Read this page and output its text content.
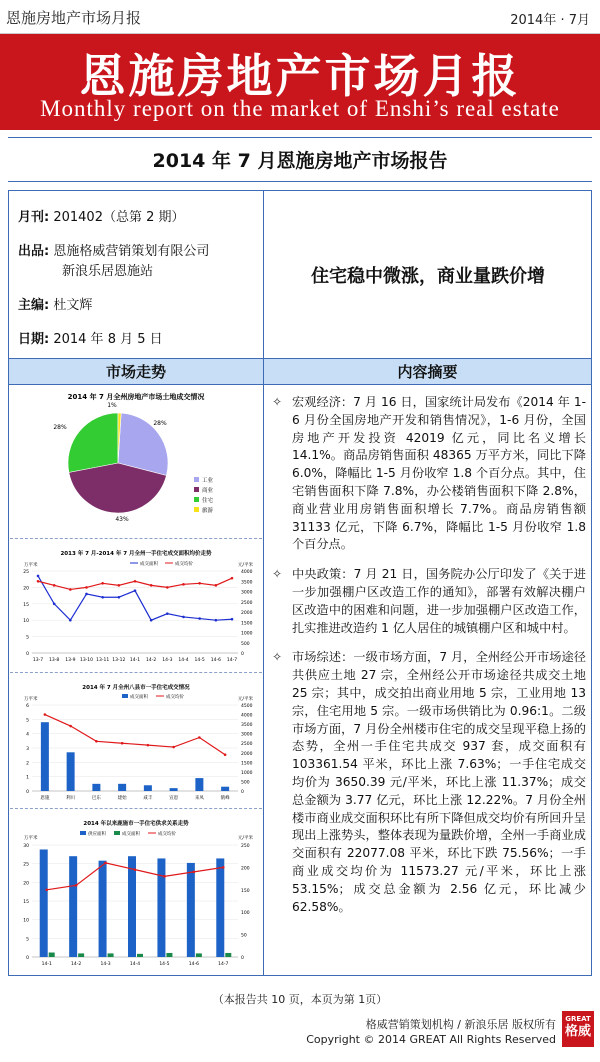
恩施房地产市场月报	2014年 · 7月
恩施房地产市场月报
Monthly report on the market of Enshi’s real estate
2014 年 7 月恩施房地产市场报告
月刊: 201402（总第 2 期）
出品: 恩施格威营销策划有限公司
新浪乐居恩施站
主编: 杜文辉
日期: 2014 年 8 月 5 日
住宅稳中微涨，商业量跌价增
市场走势	内容摘要
2014 年 7 月全州房地产市场土地成交情况
28%
43%
28%
1%
工业
商业
住宅
旅游
2013 年 7 月-2014 年 7 月全州一手住宅成交面积均价走势
万平米	元/平米
成交面积	成交均价
0
5
10
15
20
25
0
500
1000
1500
2000
2500
3000
3500
4000
13-7 13-8 13-9 13-10 13-11 13-12 14-1 14-2 14-3 14-4 14-5 14-6 14-7
2014 年 7 月全州八县市一手住宅成交情况
万平米	元/平米
成交面积	成交均价
0
1
2
3
4
5
6
0
500
1000
1500
2000
2500
3000
3500
4000
4500
恩施	利川	巴东	建始	咸丰	宣恩	来凤	鹤峰
2014 年以来鹿施市一手住宅供求关系走势
万平米	元/平米
供应面积	成交面积	成交均价
0
5
10
15
20
25
30
0
50
100
150
200
250
14-1	14-2	14-3	14-4	14-5	14-6	14-7
✧ 宏观经济：7 月 16 日，国家统计局发布《2014 年 1-6 月份全国房地产开发和销售情况》，1-6 月份，全国房地产开发投资 42019 亿元，同比名义增长 14.1%。商品房销售面积 48365 万平方米，同比下降 6.0%，降幅比 1-5 月份收窄 1.8 个百分点。其中，住宅销售面积下降 7.8%，办公楼销售面积下降 2.8%，商业营业用房销售面积增长 7.7%。商品房销售额 31133 亿元，下降 6.7%，降幅比 1-5 月份收窄 1.8 个百分点。
✧ 中央政策：7 月 21 日，国务院办公厅印发了《关于进一步加强棚户区改造工作的通知》，部署有效解决棚户区改造中的困难和问题，进一步加强棚户区改造工作，扎实推进改造约 1 亿人居住的城镇棚户区和城中村。
✧ 市场综述：一级市场方面，7 月，全州经公开市场途径共供应土地 27 宗，全州经公开市场途径共成交土地 25 宗；其中，成交拍出商业用地 5 宗，工业用地 13 宗，住宅用地 5 宗。一级市场供销比为 0.96:1。二级市场方面，7 月份全州楼市住宅的成交呈现平稳上扬的态势，全州一手住宅共成交 937 套，成交面积有 103361.54 平米，环比上涨 7.63%；一手住宅成交均价为 3650.39 元/平米，环比上涨 11.37%；成交总金额为 3.77 亿元，环比上涨 12.22%。7 月份全州楼市商业成交面积环比有所下降但成交均价有所回升呈现出上涨势头，整体表现为量跌价增，全州一手商业成交面积有 22077.08 平米，环比下跌 75.56%；一手商业成交均价为 11573.27 元/平米，环比上涨 53.15%；成交总金额为 2.56 亿元，环比减少 62.58%。
（本报告共 10 页，本页为第 1页）
格威营销策划机构 / 新浪乐居 版权所有
Copyright © 2014 GREAT All Rights Reserved
GREAT
格威
